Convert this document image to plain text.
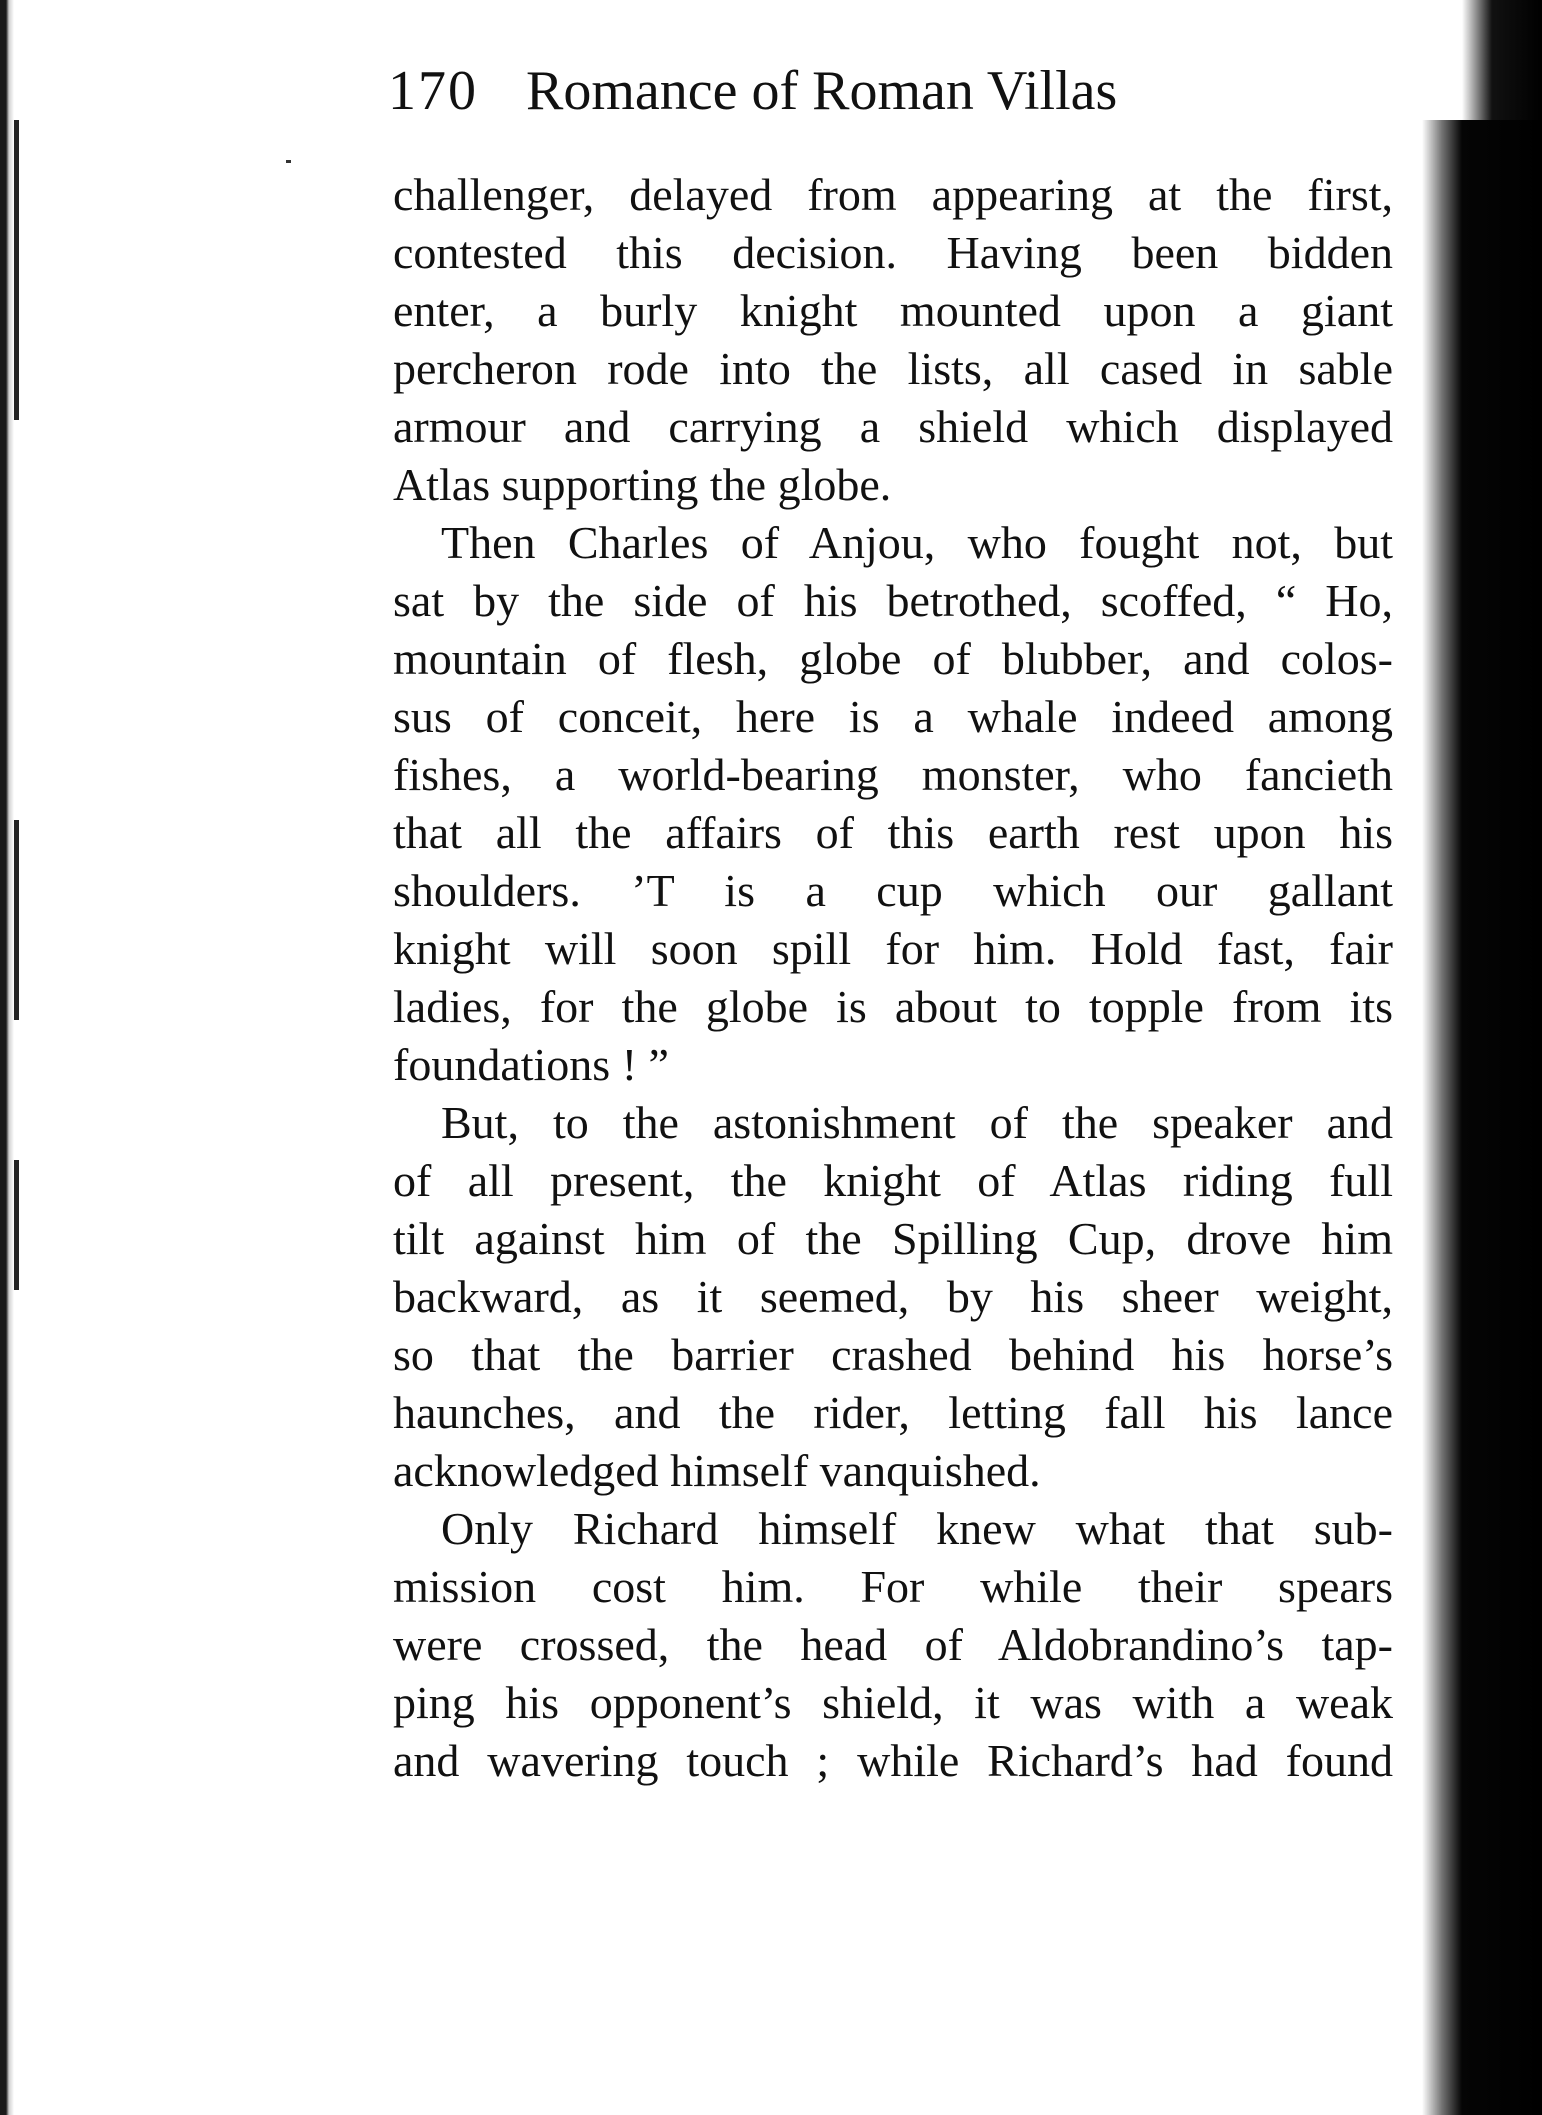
170 Romance of Roman Villas
challenger, delayed from appearing at the first,
contested this decision. Having been bidden
enter, a burly knight mounted upon a giant
percheron rode into the lists, all cased in sable
armour and carrying a shield which displayed
Atlas supporting the globe.
Then Charles of Anjou, who fought not, but
sat by the side of his betrothed, scoffed, “ Ho,
mountain of flesh, globe of blubber, and colos-
sus of conceit, here is a whale indeed among
fishes, a world-bearing monster, who fancieth
that all the affairs of this earth rest upon his
shoulders. ’T is a cup which our gallant
knight will soon spill for him. Hold fast, fair
ladies, for the globe is about to topple from its
foundations ! ”
But, to the astonishment of the speaker and
of all present, the knight of Atlas riding full
tilt against him of the Spilling Cup, drove him
backward, as it seemed, by his sheer weight,
so that the barrier crashed behind his horse’s
haunches, and the rider, letting fall his lance
acknowledged himself vanquished.
Only Richard himself knew what that sub-
mission cost him. For while their spears
were crossed, the head of Aldobrandino’s tap-
ping his opponent’s shield, it was with a weak
and wavering touch ; while Richard’s had found
